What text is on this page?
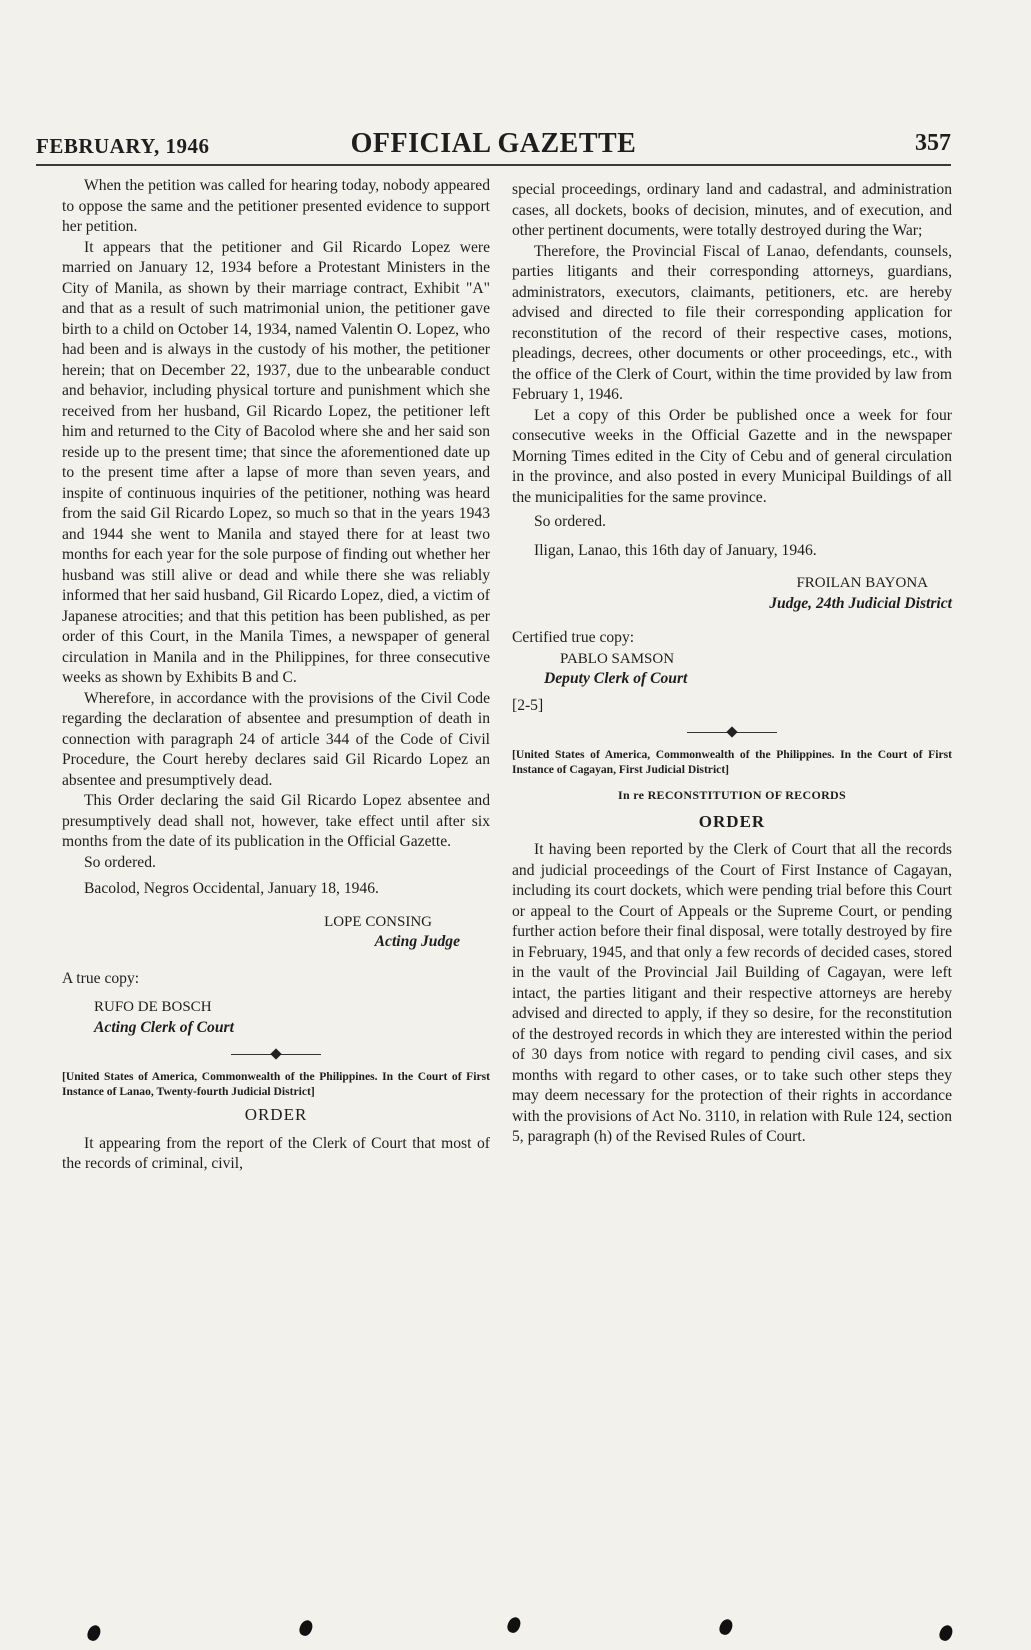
FEBRUARY, 1946	OFFICIAL GAZETTE	357

When the petition was called for hearing today, nobody appeared to oppose the same and the petitioner presented evidence to support her petition.

It appears that the petitioner and Gil Ricardo Lopez were married on January 12, 1934 before a Protestant Ministers in the City of Manila, as shown by their marriage contract, Exhibit "A" and that as a result of such matrimonial union, the petitioner gave birth to a child on October 14, 1934, named Valentin O. Lopez, who had been and is always in the custody of his mother, the petitioner herein; that on December 22, 1937, due to the unbearable conduct and behavior, including physical torture and punishment which she received from her husband, Gil Ricardo Lopez, the petitioner left him and returned to the City of Bacolod where she and her said son reside up to the present time; that since the aforementioned date up to the present time after a lapse of more than seven years, and inspite of continuous inquiries of the petitioner, nothing was heard from the said Gil Ricardo Lopez, so much so that in the years 1943 and 1944 she went to Manila and stayed there for at least two months for each year for the sole purpose of finding out whether her husband was still alive or dead and while there she was reliably informed that her said husband, Gil Ricardo Lopez, died, a victim of Japanese atrocities; and that this petition has been published, as per order of this Court, in the Manila Times, a newspaper of general circulation in Manila and in the Philippines, for three consecutive weeks as shown by Exhibits B and C.

Wherefore, in accordance with the provisions of the Civil Code regarding the declaration of absentee and presumption of death in connection with paragraph 24 of article 344 of the Code of Civil Procedure, the Court hereby declares said Gil Ricardo Lopez an absentee and presumptively dead.

This Order declaring the said Gil Ricardo Lopez absentee and presumptively dead shall not, however, take effect until after six months from the date of its publication in the Official Gazette.

So ordered.

Bacolod, Negros Occidental, January 18, 1946.

LOPE CONSING
Acting Judge
A true copy:
RUFO DE BOSCH
Acting Clerk of Court

[United States of America, Commonwealth of the Philippines. In the Court of First Instance of Lanao, Twenty-fourth Judicial District]

ORDER

It appearing from the report of the Clerk of Court that most of the records of criminal, civil,

special proceedings, ordinary land and cadastral, and administration cases, all dockets, books of decision, minutes, and of execution, and other pertinent documents, were totally destroyed during the War;

Therefore, the Provincial Fiscal of Lanao, defendants, counsels, parties litigants and their corresponding attorneys, guardians, administrators, executors, claimants, petitioners, etc. are hereby advised and directed to file their corresponding application for reconstitution of the record of their respective cases, motions, pleadings, decrees, other documents or other proceedings, etc., with the office of the Clerk of Court, within the time provided by law from February 1, 1946.

Let a copy of this Order be published once a week for four consecutive weeks in the Official Gazette and in the newspaper Morning Times edited in the City of Cebu and of general circulation in the province, and also posted in every Municipal Buildings of all the municipalities for the same province.

So ordered.

Iligan, Lanao, this 16th day of January, 1946.

FROILAN BAYONA
Judge, 24th Judicial District
Certified true copy:
PABLO SAMSON
Deputy Clerk of Court
[2-5]

[United States of America, Commonwealth of the Philippines. In the Court of First Instance of Cagayan, First Judicial District]

In re RECONSTITUTION OF RECORDS
ORDER

It having been reported by the Clerk of Court that all the records and judicial proceedings of the Court of First Instance of Cagayan, including its court dockets, which were pending trial before this Court or appeal to the Court of Appeals or the Supreme Court, or pending further action before their final disposal, were totally destroyed by fire in February, 1945, and that only a few records of decided cases, stored in the vault of the Provincial Jail Building of Cagayan, were left intact, the parties litigant and their respective attorneys are hereby advised and directed to apply, if they so desire, for the reconstitution of the destroyed records in which they are interested within the period of 30 days from notice with regard to pending civil cases, and six months with regard to other cases, or to take such other steps they may deem necessary for the protection of their rights in accordance with the provisions of Act No. 3110, in relation with Rule 124, section 5, paragraph (h) of the Revised Rules of Court.
